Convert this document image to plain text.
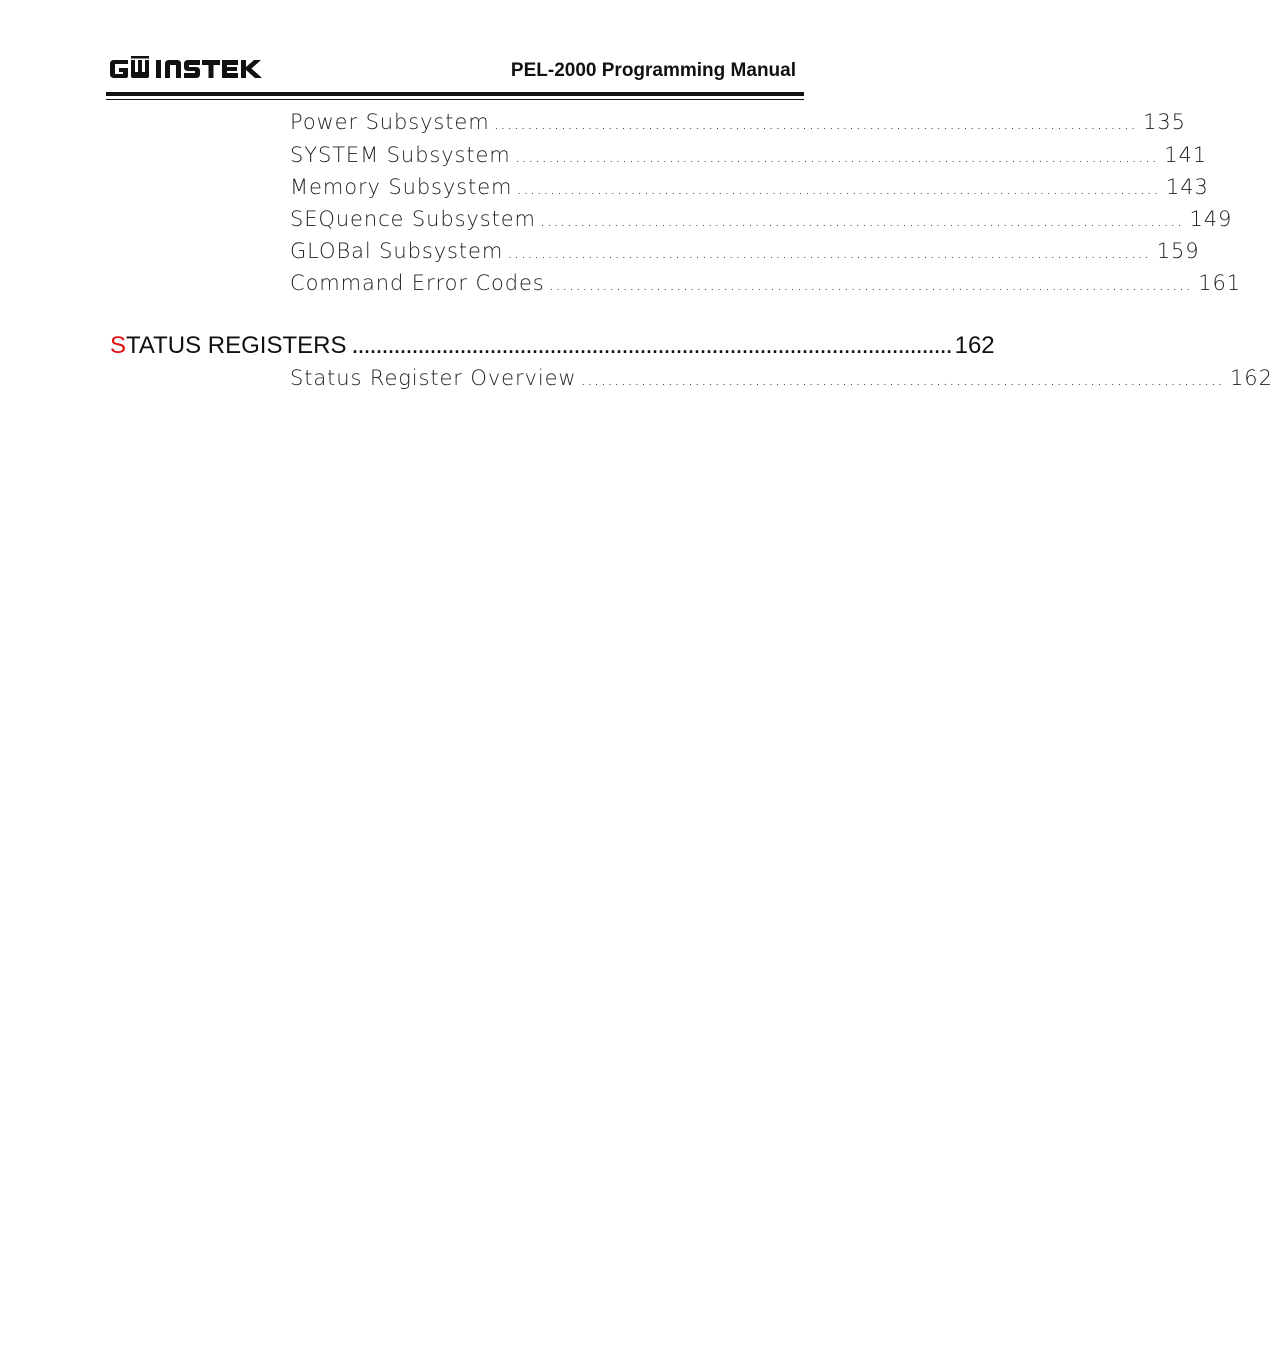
PEL-2000 Programming Manual
Power Subsystem ................................................................................................ 135
SYSTEM Subsystem ................................................................................................ 141
Memory Subsystem ................................................................................................ 143
SEQuence Subsystem ................................................................................................ 149
GLOBal Subsystem ................................................................................................ 159
Command Error Codes ................................................................................................ 161
S TATUS REGISTERS .................................................................................................... 162
Status Register Overview ................................................................................................ 162
